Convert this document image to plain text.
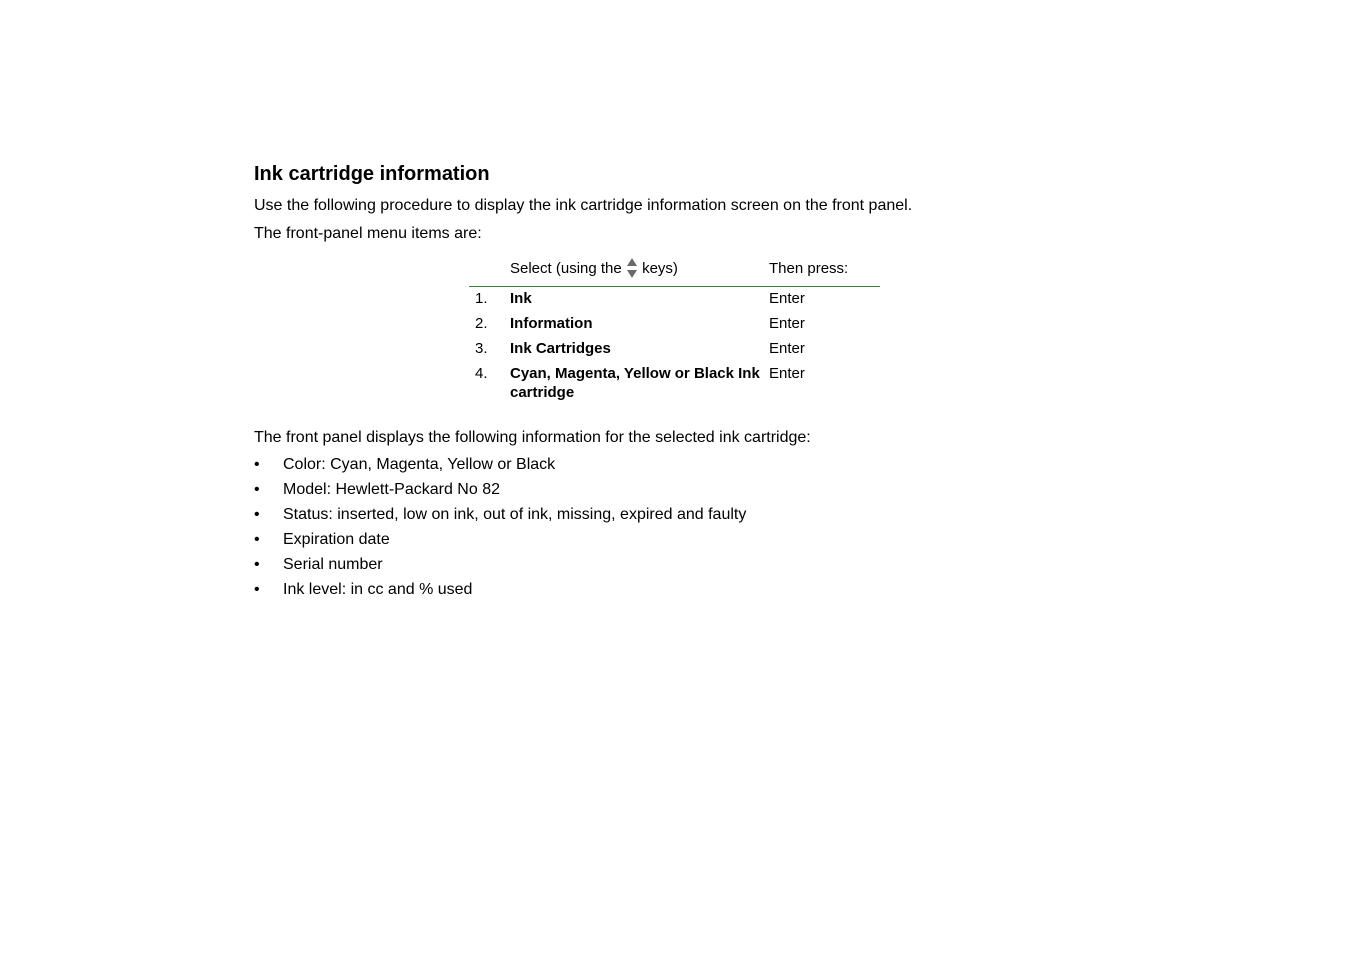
Ink cartridge information

Use the following procedure to display the ink cartridge information screen on the front panel.

The front-panel menu items are:

	Select (using the keys)	Then press:
1.	Ink	Enter
2.	Information	Enter
3.	Ink Cartridges	Enter
4.	Cyan, Magenta, Yellow or Black Ink cartridge	Enter

The front panel displays the following information for the selected ink cartridge:

• Color: Cyan, Magenta, Yellow or Black
• Model: Hewlett-Packard No 82
• Status: inserted, low on ink, out of ink, missing, expired and faulty
• Expiration date
• Serial number
• Ink level: in cc and % used
